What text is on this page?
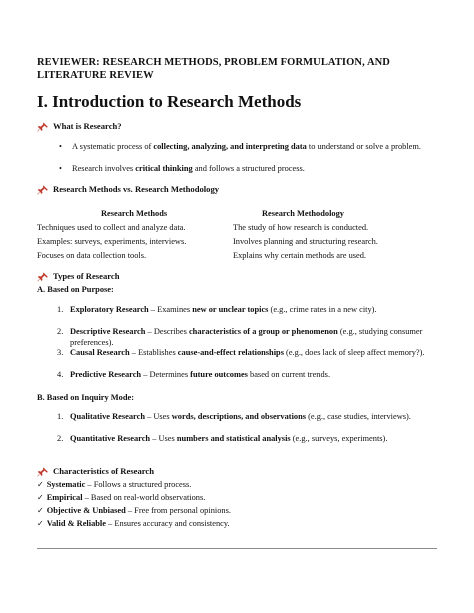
REVIEWER: RESEARCH METHODS, PROBLEM FORMULATION, AND
LITERATURE REVIEW
I. Introduction to Research Methods
What is Research?
• A systematic process of collecting, analyzing, and interpreting data to understand or solve a problem.
• Research involves critical thinking and follows a structured process.
Research Methods vs. Research Methodology
Research Methods	Research Methodology
Techniques used to collect and analyze data.	The study of how research is conducted.
Examples: surveys, experiments, interviews.	Involves planning and structuring research.
Focuses on data collection tools.	Explains why certain methods are used.
Types of Research
A. Based on Purpose:
1. Exploratory Research – Examines new or unclear topics (e.g., crime rates in a new city).
2. Descriptive Research – Describes characteristics of a group or phenomenon (e.g., studying consumer preferences).
3. Causal Research – Establishes cause-and-effect relationships (e.g., does lack of sleep affect memory?).
4. Predictive Research – Determines future outcomes based on current trends.
B. Based on Inquiry Mode:
1. Qualitative Research – Uses words, descriptions, and observations (e.g., case studies, interviews).
2. Quantitative Research – Uses numbers and statistical analysis (e.g., surveys, experiments).
Characteristics of Research
✓ Systematic – Follows a structured process.
✓ Empirical – Based on real-world observations.
✓ Objective & Unbiased – Free from personal opinions.
✓ Valid & Reliable – Ensures accuracy and consistency.
